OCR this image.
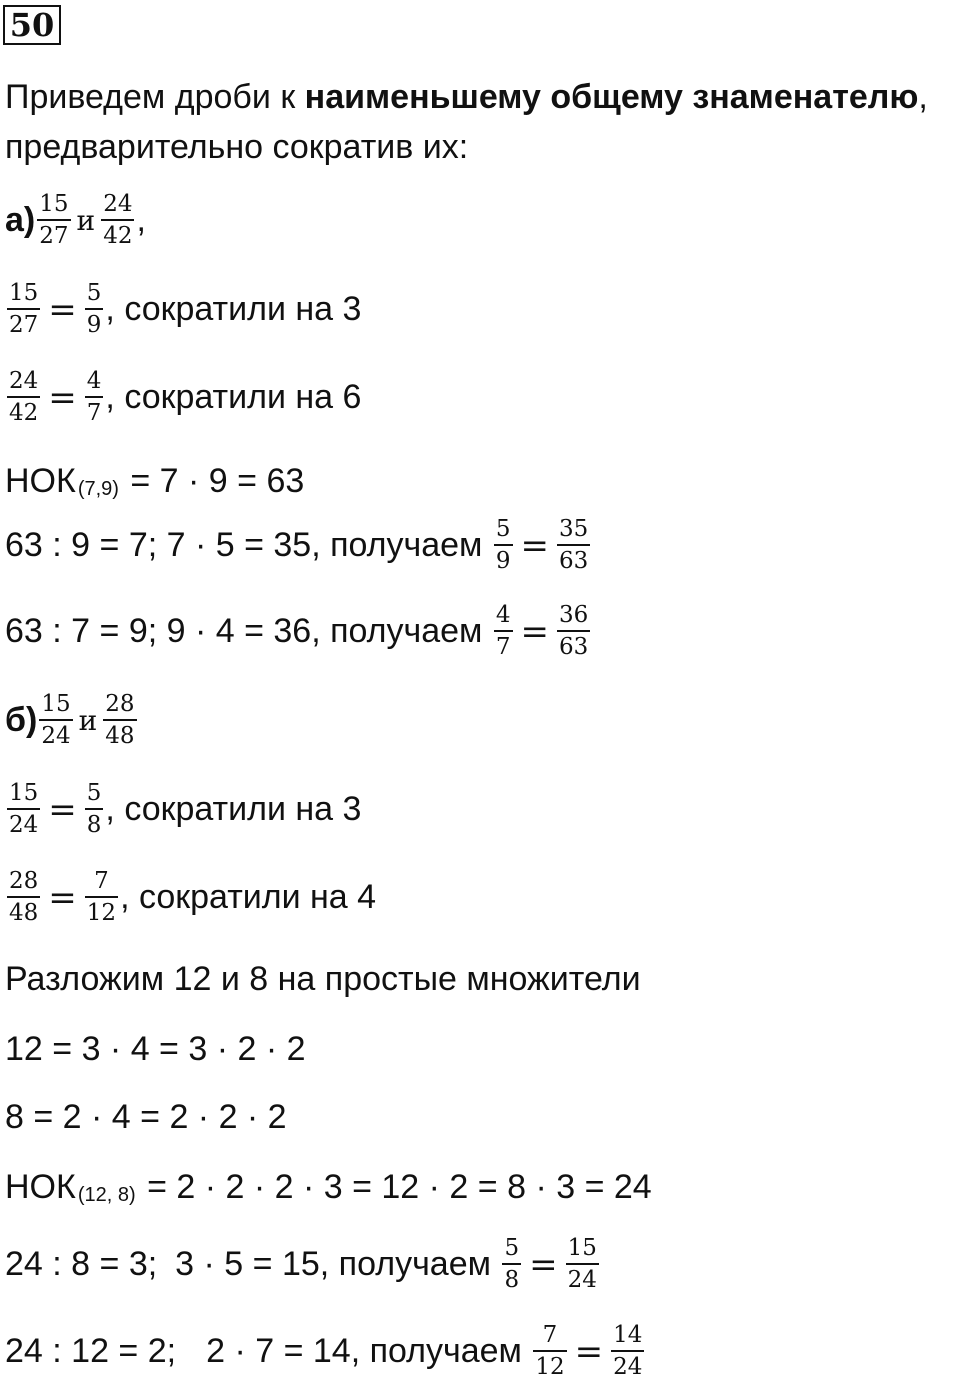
50
Приведем дроби к наименьшему общему знаменателю ,
предварительно сократив их:
$а) \frac{15}{27}$ и $\frac{24}{42}$ ,
$\frac{15}{27} = \frac{5}{9}$ , сократили на 3
$\frac{24}{42} = \frac{4}{7}$ , сократили на 6
НОК (7,9) = 7 · 9 = 63
63 : 9 = 7; 7 · 5 = 35, получаем $\frac{5}{9} = \frac{35}{63}$
63 : 7 = 9; 9 · 4 = 36, получаем $\frac{4}{7} = \frac{36}{63}$
$б) \frac{15}{24}$ и $\frac{28}{48}$
$\frac{15}{24} = \frac{5}{8}$ , сократили на 3
$\frac{28}{48} = \frac{7}{12}$ , сократили на 4
Разложим 12 и 8 на простые множители
12 = 3 · 4 = 3 · 2 · 2
8 = 2 · 4 = 2 · 2 · 2
НОК (12, 8) = 2 · 2 · 2 · 3 = 12 · 2 = 8 · 3 = 24
24 : 8 = 3; 3 · 5 = 15, получаем $\frac{5}{8} = \frac{15}{24}$
24 : 12 = 2; 2 · 7 = 14, получаем $\frac{7}{12} = \frac{14}{24}$
